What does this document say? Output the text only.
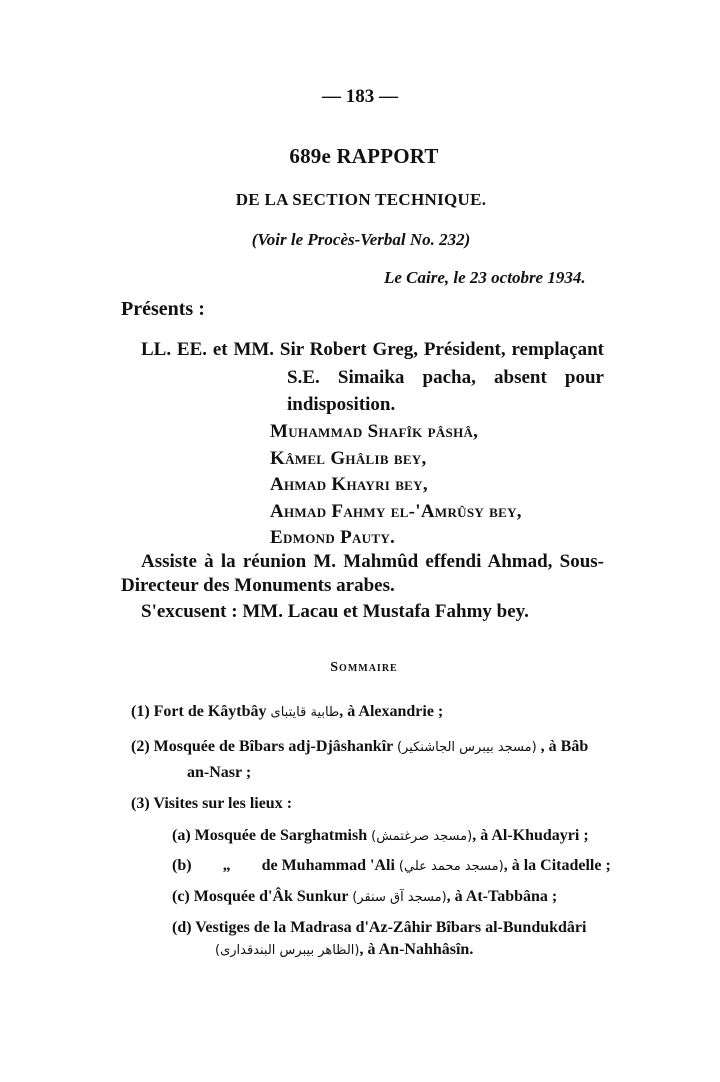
— 183 —
689e RAPPORT
DE LA SECTION TECHNIQUE.
(Voir le Procès-Verbal No. 232)
Le Caire, le 23 octobre 1934.
Présents :
LL. EE. et MM. Sir Robert Greg, Président, remplaçant
S.E. Simaika pacha, absent pour
indisposition.
Muhammad Shafîk pâshâ,
Kâmel Ghâlib bey,
Ahmad Khayri bey,
Ahmad Fahmy el-'Amrûsy bey,
Edmond Pauty.
Assiste à la réunion M. Mahmûd effendi Ahmad, Sous-
Directeur des Monuments arabes.
S'excusent : MM. Lacau et Mustafa Fahmy bey.
Sommaire
(1) Fort de Kâytbây طابية قايتباى, à Alexandrie ;
(2) Mosquée de Bîbars adj-Djâshankîr (مسجد بيبرس الجاشنكير) , à Bâb
an-Nasr ;
(3) Visites sur les lieux :
(a) Mosquée de Sarghatmish (مسجد صرغتمش), à Al-Khudayri ;
(b) „ de Muhammad 'Ali (مسجد محمد علي), à la Citadelle ;
(c) Mosquée d'Âk Sunkur (مسجد آق سنقر), à At-Tabbâna ;
(d) Vestiges de la Madrasa d'Az-Zâhir Bîbars al-Bundukdâri
(الظاهر بيبرس البندقدارى), à An-Nahhâsîn.
